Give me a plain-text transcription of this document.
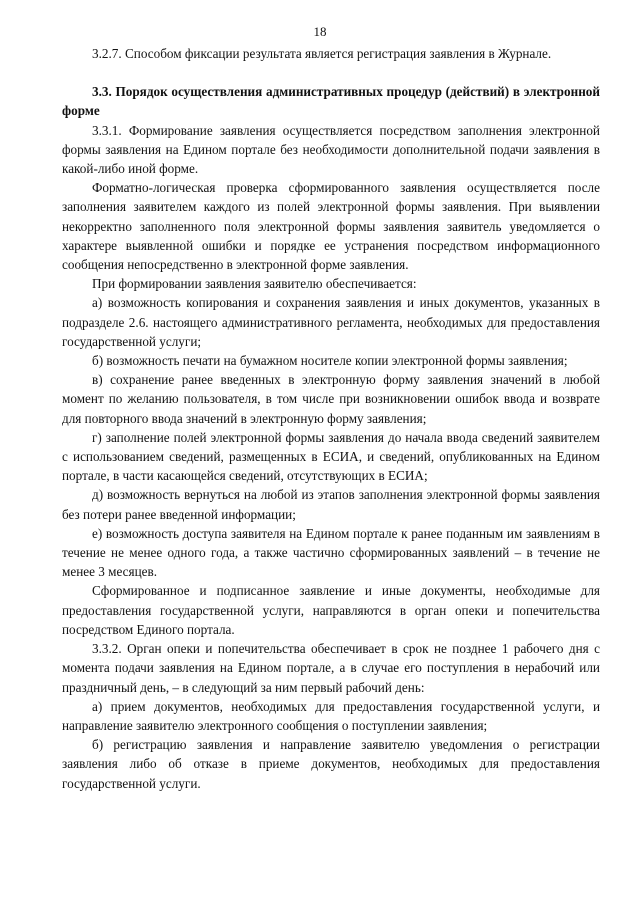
18

3.2.7. Способом фиксации результата является регистрация заявления в Журнале.

3.3. Порядок осуществления административных процедур (действий) в электронной форме

3.3.1. Формирование заявления осуществляется посредством заполнения электронной формы заявления на Едином портале без необходимости дополнительной подачи заявления в какой-либо иной форме.

Форматно-логическая проверка сформированного заявления осуществляется после заполнения заявителем каждого из полей электронной формы заявления. При выявлении некорректно заполненного поля электронной формы заявления заявитель уведомляется о характере выявленной ошибки и порядке ее устранения посредством информационного сообщения непосредственно в электронной форме заявления.

При формировании заявления заявителю обеспечивается:

а) возможность копирования и сохранения заявления и иных документов, указанных в подразделе 2.6. настоящего административного регламента, необходимых для предоставления государственной услуги;

б) возможность печати на бумажном носителе копии электронной формы заявления;

в) сохранение ранее введенных в электронную форму заявления значений в любой момент по желанию пользователя, в том числе при возникновении ошибок ввода и возврате для повторного ввода значений в электронную форму заявления;

г) заполнение полей электронной формы заявления до начала ввода сведений заявителем с использованием сведений, размещенных в ЕСИА, и сведений, опубликованных на Едином портале, в части касающейся сведений, отсутствующих в ЕСИА;

д) возможность вернуться на любой из этапов заполнения электронной формы заявления без потери ранее введенной информации;

е) возможность доступа заявителя на Едином портале к ранее поданным им заявлениям в течение не менее одного года, а также частично сформированных заявлений – в течение не менее 3 месяцев.

Сформированное и подписанное заявление и иные документы, необходимые для предоставления государственной услуги, направляются в орган опеки и попечительства посредством Единого портала.

3.3.2. Орган опеки и попечительства обеспечивает в срок не позднее 1 рабочего дня с момента подачи заявления на Едином портале, а в случае его поступления в нерабочий или праздничный день, – в следующий за ним первый рабочий день:

а) прием документов, необходимых для предоставления государственной услуги, и направление заявителю электронного сообщения о поступлении заявления;

б) регистрацию заявления и направление заявителю уведомления о регистрации заявления либо об отказе в приеме документов, необходимых для предоставления государственной услуги.
